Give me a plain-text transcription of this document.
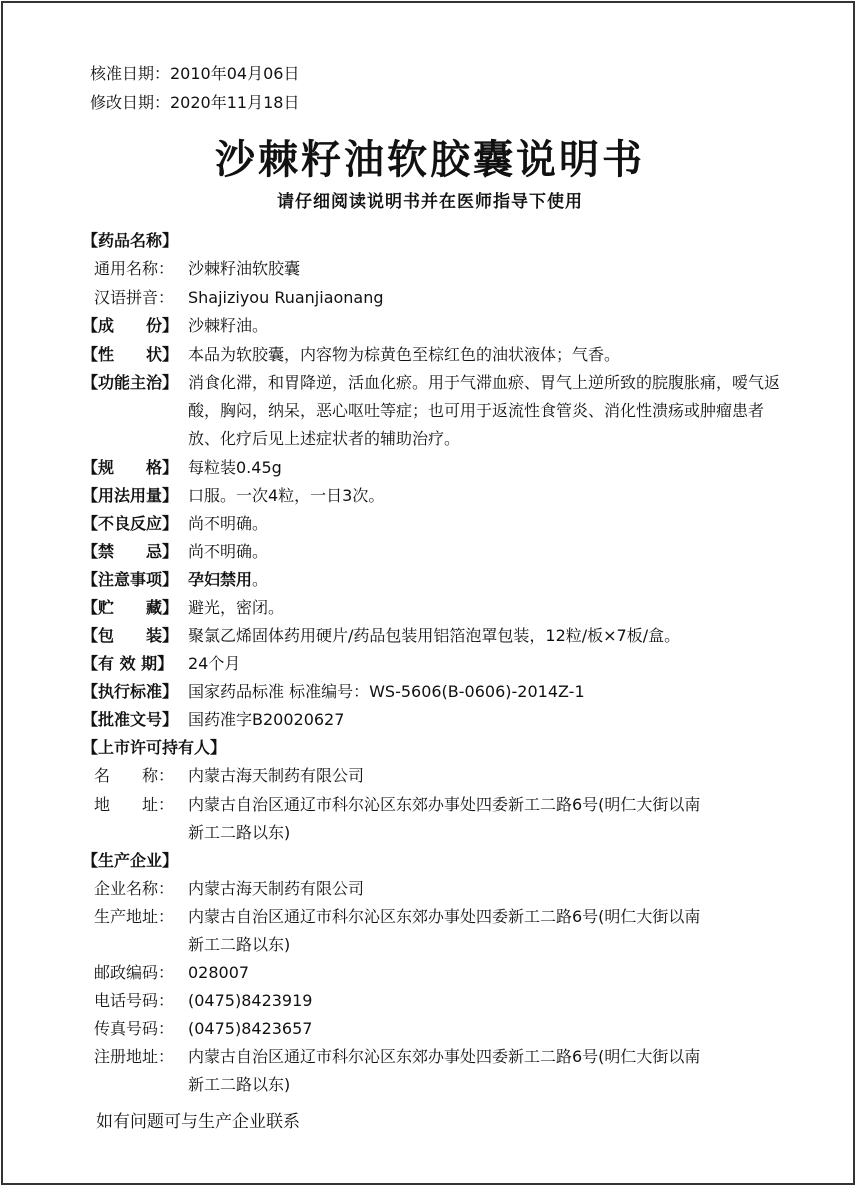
核准日期：2010年04月06日
修改日期：2020年11月18日
沙棘籽油软胶囊说明书
请仔细阅读说明书并在医师指导下使用
【药品名称】
通用名称： 沙棘籽油软胶囊
汉语拼音： Shajiziyou Ruanjiaonang
【成　　份】 沙棘籽油。
【性　　状】 本品为软胶囊，内容物为棕黄色至棕红色的油状液体；气香。
【功能主治】 消食化滞，和胃降逆，活血化瘀。用于气滞血瘀、胃气上逆所致的脘腹胀痛，嗳气返酸，胸闷，纳呆，恶心呕吐等症；也可用于返流性食管炎、消化性溃疡或肿瘤患者放、化疗后见上述症状者的辅助治疗。
【规　　格】 每粒装0.45g
【用法用量】 口服。一次4粒，一日3次。
【不良反应】 尚不明确。
【禁　　忌】 尚不明确。
【注意事项】 孕妇禁用。
【贮　　藏】 避光，密闭。
【包　　装】 聚氯乙烯固体药用硬片/药品包装用铝箔泡罩包装，12粒/板×7板/盒。
【有 效 期】 24个月
【执行标准】 国家药品标准 标准编号：WS-5606(B-0606)-2014Z-1
【批准文号】 国药准字B20020627
【上市许可持有人】
名　　称： 内蒙古海天制药有限公司
地　　址： 内蒙古自治区通辽市科尔沁区东郊办事处四委新工二路6号(明仁大街以南
新工二路以东)
【生产企业】
企业名称： 内蒙古海天制药有限公司
生产地址： 内蒙古自治区通辽市科尔沁区东郊办事处四委新工二路6号(明仁大街以南
新工二路以东)
邮政编码： 028007
电话号码： (0475)8423919
传真号码： (0475)8423657
注册地址： 内蒙古自治区通辽市科尔沁区东郊办事处四委新工二路6号(明仁大街以南
新工二路以东)
如有问题可与生产企业联系
